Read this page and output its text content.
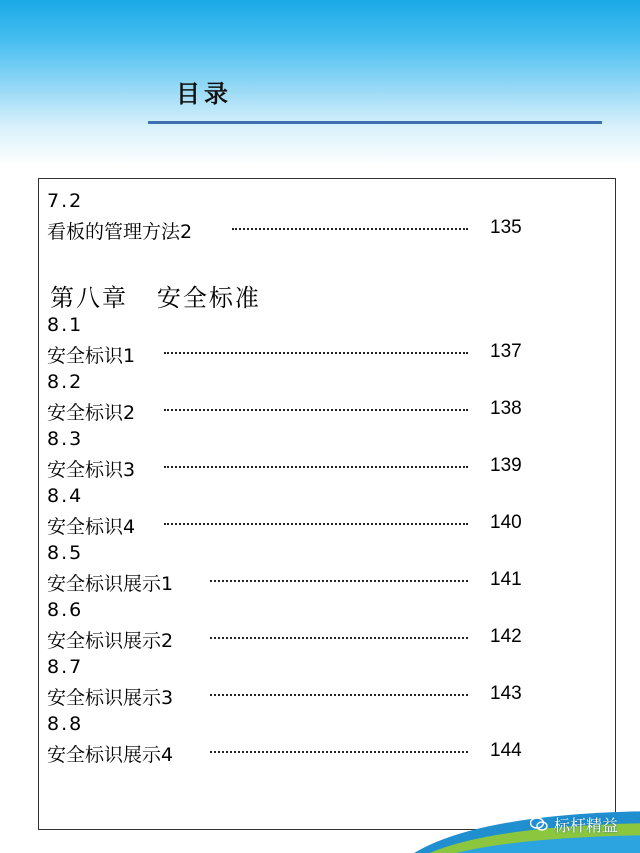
目录
7.2
看板的管理方法2	135
第八章   安全标准
8.1
安全标识1	137
8.2
安全标识2	138
8.3
安全标识3	139
8.4
安全标识4	140
8.5
安全标识展示1	141
8.6
安全标识展示2	142
8.7
安全标识展示3	143
8.8
安全标识展示4	144
标杆精益
